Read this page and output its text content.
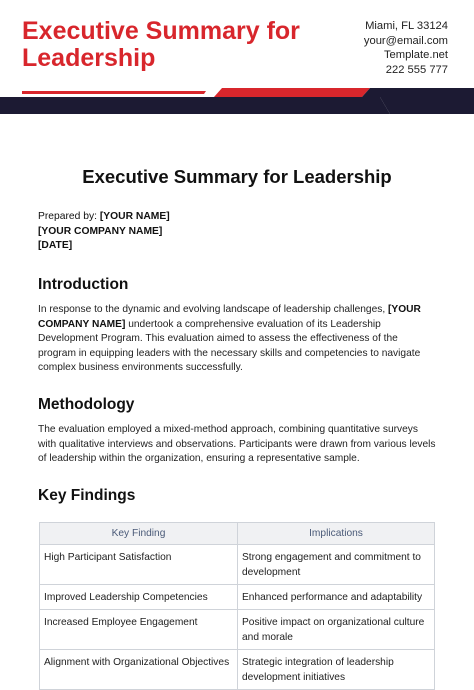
Executive Summary for Leadership
Miami, FL 33124
your@email.com
Template.net
222 555 777
Executive Summary for Leadership
Prepared by: [YOUR NAME]
[YOUR COMPANY NAME]
[DATE]
Introduction
In response to the dynamic and evolving landscape of leadership challenges, [YOUR COMPANY NAME] undertook a comprehensive evaluation of its Leadership Development Program. This evaluation aimed to assess the effectiveness of the program in equipping leaders with the necessary skills and competencies to navigate complex business environments successfully.
Methodology
The evaluation employed a mixed-method approach, combining quantitative surveys with qualitative interviews and observations. Participants were drawn from various levels of leadership within the organization, ensuring a representative sample.
Key Findings
Key Finding	Implications
High Participant Satisfaction	Strong engagement and commitment to development
Improved Leadership Competencies	Enhanced performance and adaptability
Increased Employee Engagement	Positive impact on organizational culture and morale
Alignment with Organizational Objectives	Strategic integration of leadership development initiatives
